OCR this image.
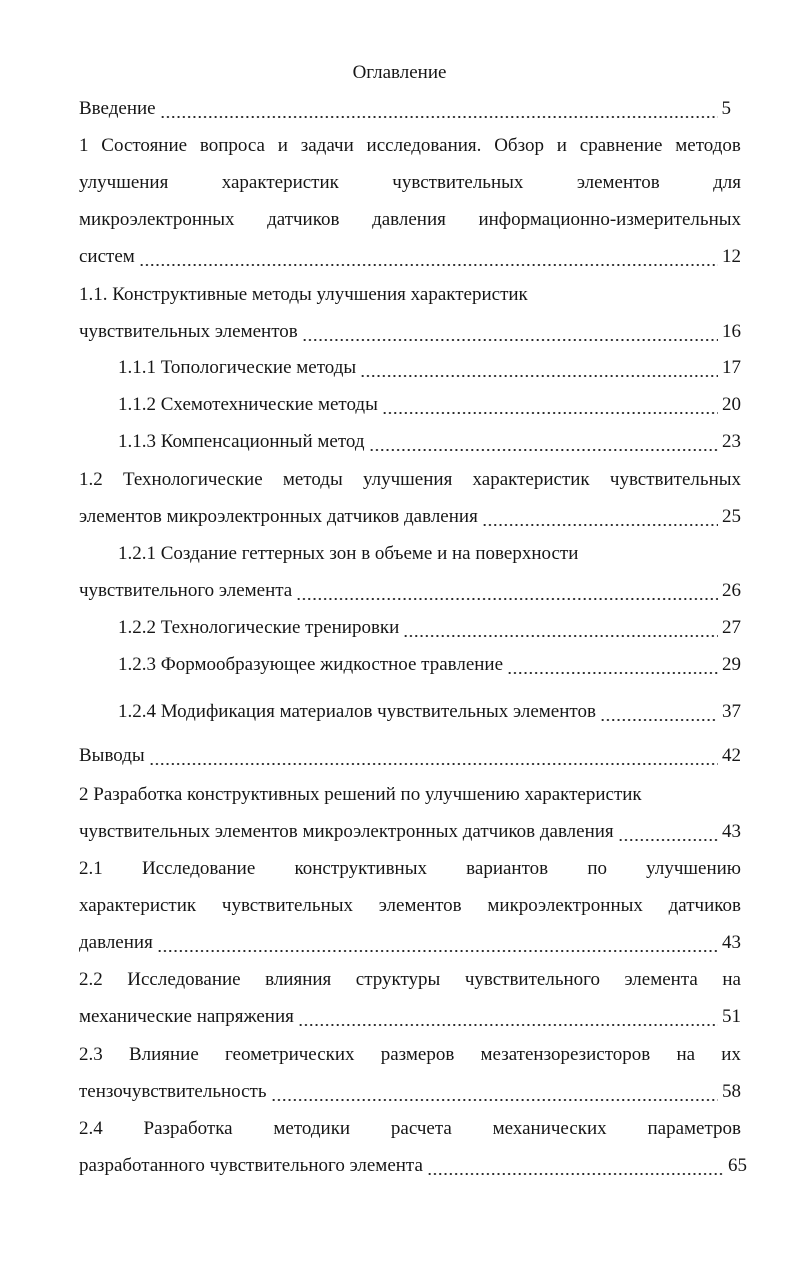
Оглавление
Введение	5
1 Состояние вопроса и задачи исследования. Обзор и сравнение методов
улучшения	характеристик	чувствительных	элементов	для
микроэлектронных датчиков давления информационно-измерительных
систем	12
1.1. Конструктивные методы улучшения характеристик
чувствительных элементов	16
1.1.1 Топологические методы	17
1.1.2 Схемотехнические методы	20
1.1.3 Компенсационный метод	23
1.2 Технологические методы улучшения характеристик чувствительных
элементов микроэлектронных датчиков давления	25
1.2.1 Создание геттерных зон в объеме и на поверхности
чувствительного элемента	26
1.2.2 Технологические тренировки	27
1.2.3 Формообразующее жидкостное травление	29
1.2.4 Модификация материалов чувствительных элементов	37
Выводы	42
2 Разработка конструктивных решений по улучшению характеристик
чувствительных элементов микроэлектронных датчиков давления	43
2.1 Исследование конструктивных вариантов по улучшению
характеристик чувствительных элементов микроэлектронных датчиков
давления	43
2.2 Исследование влияния структуры чувствительного элемента на
механические напряжения	51
2.3 Влияние геометрических размеров мезатензорезисторов на их
тензочувствительность	58
2.4 Разработка методики расчета механических параметров
разработанного чувствительного элемента	65
